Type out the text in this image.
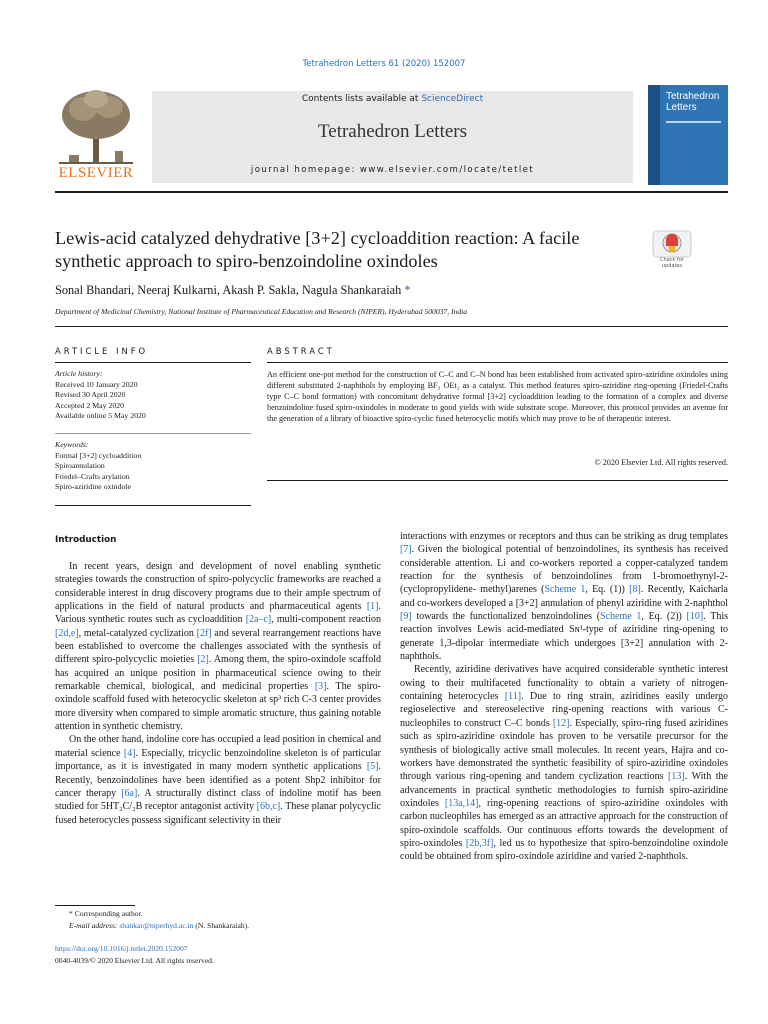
Tetrahedron Letters 61 (2020) 152007
ELSEVIER
Contents lists available at ScienceDirect
Tetrahedron Letters
journal homepage: www.elsevier.com/locate/tetlet
Tetrahedron
Letters
Lewis-acid catalyzed dehydrative [3+2] cycloaddition reaction: A facile
synthetic approach to spiro-benzoindoline oxindoles	Check for
updates
Sonal Bhandari, Neeraj Kulkarni, Akash P. Sakla, Nagula Shankaraiah *
Department of Medicinal Chemistry, National Institute of Pharmaceutical Education and Research (NIPER), Hyderabad 500037, India
ARTICLE INFO	ABSTRACT
Article history:
Received 10 January 2020
Revised 30 April 2020
Accepted 2 May 2020
Available online 5 May 2020
Keywords:
Formal [3+2] cycloaddition
Spiroannulation
Friedel–Crafts arylation
Spiro-aziridine oxindole
An efficient one-pot method for the construction of C–C and C–N bond has been established from activated spiro-aziridine oxindoles using different substituted 2-naphthols by employing BF₃ OEt₂ as a catalyst. This method features spiro-aziridine ring-opening (Friedel-Crafts type C–C bond formation) with concomitant dehydrative formal [3+2] cycloaddition leading to the formation of a complex and diverse benzoindoline fused spiro-oxindoles in moderate to good yields with wide substrate scope. Moreover, this protocol provides an avenue for the generation of a library of bioactive spiro-cyclic fused heterocyclic motifs which may prove to be of therapeutic interest.
© 2020 Elsevier Ltd. All rights reserved.
Introduction

In recent years, design and development of novel enabling synthetic strategies towards the construction of spiro-polycyclic frameworks are reached a considerable interest in drug discovery programs due to their ample spectrum of applications in the field of natural products and pharmaceutical agents [1]. Various synthetic routes such as cycloaddition [2a–c], multi-component reaction [2d,e], metal-catalyzed cyclization [2f] and several rearrangement reactions have been established to overcome the challenges associated with the synthesis of different spiro-polycyclic moieties [2]. Among them, the spiro-oxindole scaffold has acquired an unique position in pharmaceutical science owing to their remarkable chemical, biological, and medicinal properties [3]. The spiro-oxindole scaffold fused with heterocyclic skeleton at sp³ rich C-3 center provides more diversity when compared to simple aromatic structure, thus gaining notable attention in synthetic chemistry.

On the other hand, indoline core has occupied a lead position in chemical and material science [4]. Especially, tricyclic benzoindoline skeleton is of particular importance, as it is investigated in many modern synthetic applications [5]. Recently, benzoindolines have been identified as a potent Shp2 inhibitor for cancer therapy [6a]. A structurally distinct class of indoline motif has been studied for 5HT₂C/₂B receptor antagonist activity [6b,c]. These planar polycyclic fused heterocycles possess significant selectivity in their

interactions with enzymes or receptors and thus can be striking as drug templates [7]. Given the biological potential of benzoindolines, its synthesis has received considerable attention. Li and co-workers reported a copper-catalyzed tandem reaction for the synthesis of benzoindolines from 1-bromoethynyl-2-(cyclopropylidene- methyl)arenes (Scheme 1, Eq. (1)) [8]. Recently, Kaicharla and co-workers developed a [3+2] annulation of phenyl aziridine with 2-naphthol [9] towards the functionalized benzoindolines (Scheme 1, Eq. (2)) [10]. This reaction involves Lewis acid-mediated Sɴ¹-type of aziridine ring-opening to generate 1,3-dipolar intermediate which undergoes [3+2] annulation with 2-naphthols.

Recently, aziridine derivatives have acquired considerable synthetic interest owing to their multifaceted functionality to obtain a variety of nitrogen-containing heterocycles [11]. Due to ring strain, aziridines easily undergo regioselective and stereoselective ring-opening reactions with various C-nucleophiles to construct C–C bonds [12]. Especially, spiro-ring fused aziridines such as spiro-aziridine oxindole has proven to be versatile precursor for the synthesis of biologically active small molecules. In recent years, Hajra and co-workers have demonstrated the synthetic feasibility of spiro-aziridine oxindoles through various ring-opening and tandem cyclization reactions [13]. With the advancements in practical synthetic methodologies to furnish spiro-aziridine oxindoles [13a,14], ring-opening reactions of spiro-aziridine oxindoles with carbon nucleophiles has emerged as an attractive approach for the construction of spiro-oxindole scaffolds. Our continuous efforts towards the development of spiro-oxindoles [2b,3f], led us to hypothesize that spiro-benzoindoline oxindole could be obtained from spiro-oxindole aziridine and varied 2-naphthols.

* Corresponding author.
E-mail address: shankar@niperhyd.ac.in (N. Shankaraiah).
https://doi.org/10.1016/j.tetlet.2020.152007
0040-4039/© 2020 Elsevier Ltd. All rights reserved.
